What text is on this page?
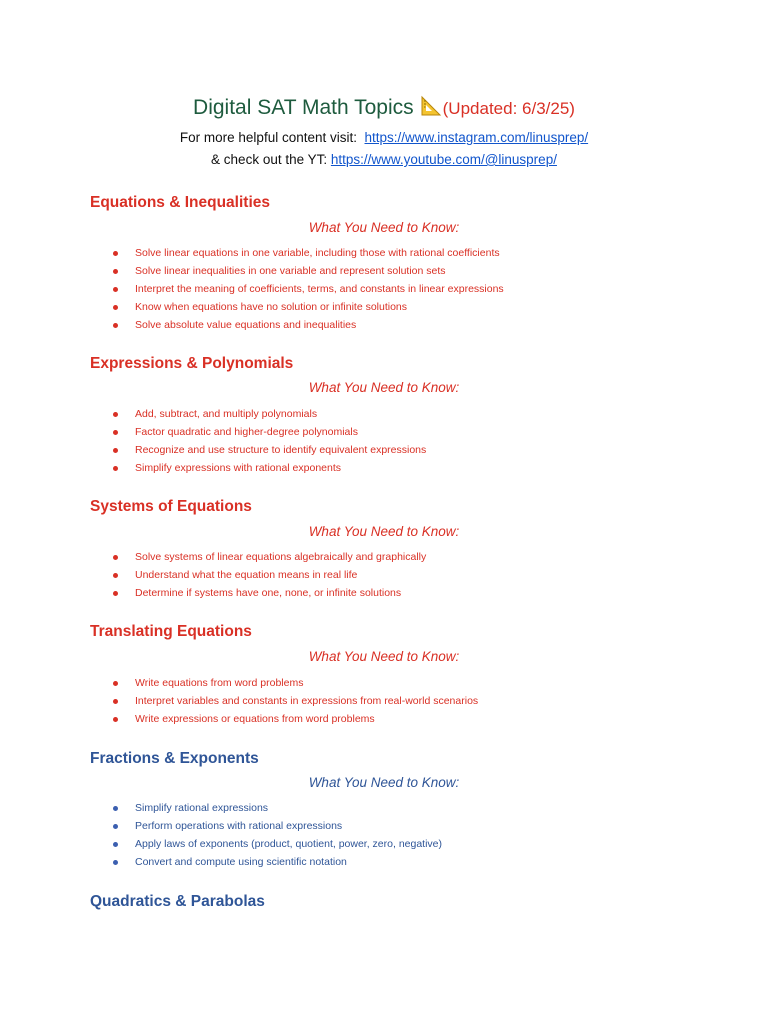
Digital SAT Math Topics (Updated: 6/3/25)
For more helpful content visit: https://www.instagram.com/linusprep/
& check out the YT: https://www.youtube.com/@linusprep/
Equations & Inequalities
What You Need to Know:
Solve linear equations in one variable, including those with rational coefficients
Solve linear inequalities in one variable and represent solution sets
Interpret the meaning of coefficients, terms, and constants in linear expressions
Know when equations have no solution or infinite solutions
Solve absolute value equations and inequalities
Expressions & Polynomials
What You Need to Know:
Add, subtract, and multiply polynomials
Factor quadratic and higher-degree polynomials
Recognize and use structure to identify equivalent expressions
Simplify expressions with rational exponents
Systems of Equations
What You Need to Know:
Solve systems of linear equations algebraically and graphically
Understand what the equation means in real life
Determine if systems have one, none, or infinite solutions
Translating Equations
What You Need to Know:
Write equations from word problems
Interpret variables and constants in expressions from real-world scenarios
Write expressions or equations from word problems
Fractions & Exponents
What You Need to Know:
Simplify rational expressions
Perform operations with rational expressions
Apply laws of exponents (product, quotient, power, zero, negative)
Convert and compute using scientific notation
Quadratics & Parabolas
